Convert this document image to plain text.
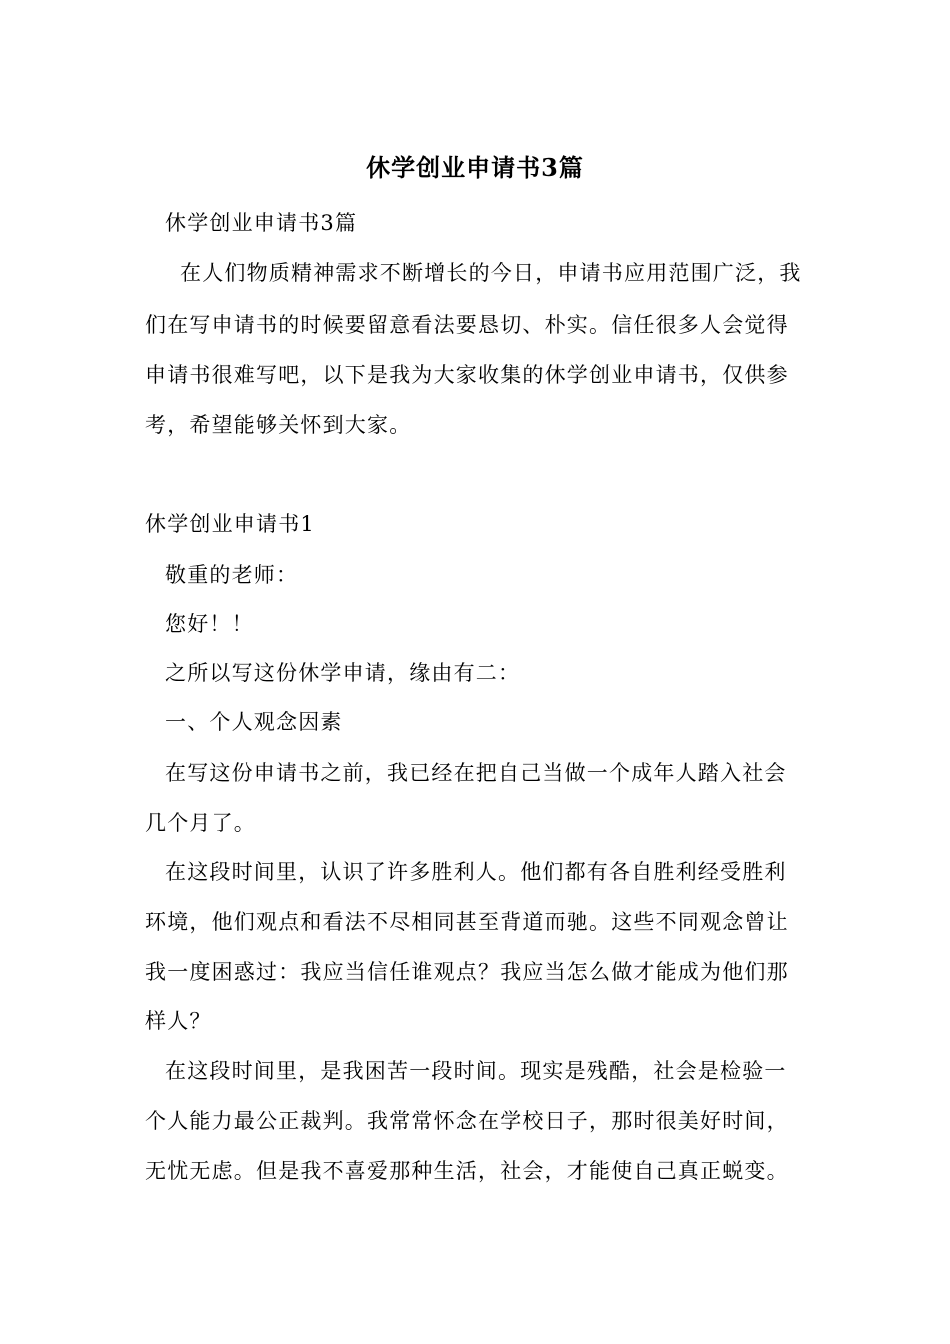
休学创业申请书3篇
休学创业申请书3篇
在人们物质精神需求不断增长的今日，申请书应用范围广泛，我
们在写申请书的时候要留意看法要恳切、朴实。信任很多人会觉得
申请书很难写吧，以下是我为大家收集的休学创业申请书，仅供参
考，希望能够关怀到大家。
休学创业申请书1
敬重的老师：
您好！！
之所以写这份休学申请，缘由有二：
一、个人观念因素
在写这份申请书之前，我已经在把自己当做一个成年人踏入社会
几个月了。
在这段时间里，认识了许多胜利人。他们都有各自胜利经受胜利
环境，他们观点和看法不尽相同甚至背道而驰。这些不同观念曾让
我一度困惑过：我应当信任谁观点？我应当怎么做才能成为他们那
样人？
在这段时间里，是我困苦一段时间。现实是残酷，社会是检验一
个人能力最公正裁判。我常常怀念在学校日子，那时很美好时间，
无忧无虑。但是我不喜爱那种生活，社会，才能使自己真正蜕变。
